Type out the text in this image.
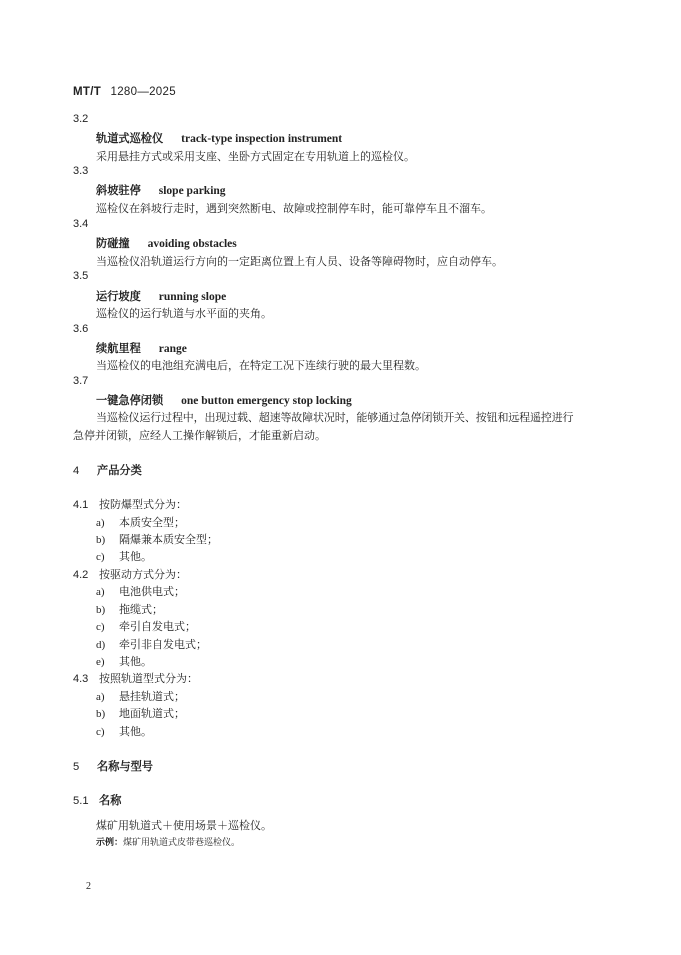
MT/T 1280—2025
3.2
轨道式巡检仪 track-type inspection instrument
采用悬挂方式或采用支座、坐卧方式固定在专用轨道上的巡检仪。
3.3
斜坡驻停 slope parking
巡检仪在斜坡行走时，遇到突然断电、故障或控制停车时，能可靠停车且不溜车。
3.4
防碰撞 avoiding obstacles
当巡检仪沿轨道运行方向的一定距离位置上有人员、设备等障碍物时，应自动停车。
3.5
运行坡度 running slope
巡检仪的运行轨道与水平面的夹角。
3.6
续航里程 range
当巡检仪的电池组充满电后，在特定工况下连续行驶的最大里程数。
3.7
一键急停闭锁 one button emergency stop locking
当巡检仪运行过程中，出现过载、超速等故障状况时，能够通过急停闭锁开关、按钮和远程遥控进行
急停并闭锁，应经人工操作解锁后，才能重新启动。
4 产品分类
4.1 按防爆型式分为：
a) 本质安全型；
b) 隔爆兼本质安全型；
c) 其他。
4.2 按驱动方式分为：
a) 电池供电式；
b) 拖缆式；
c) 牵引自发电式；
d) 牵引非自发电式；
e) 其他。
4.3 按照轨道型式分为：
a) 悬挂轨道式；
b) 地面轨道式；
c) 其他。
5 名称与型号
5.1 名称
煤矿用轨道式＋使用场景＋巡检仪。
示例：煤矿用轨道式皮带巷巡检仪。
2
